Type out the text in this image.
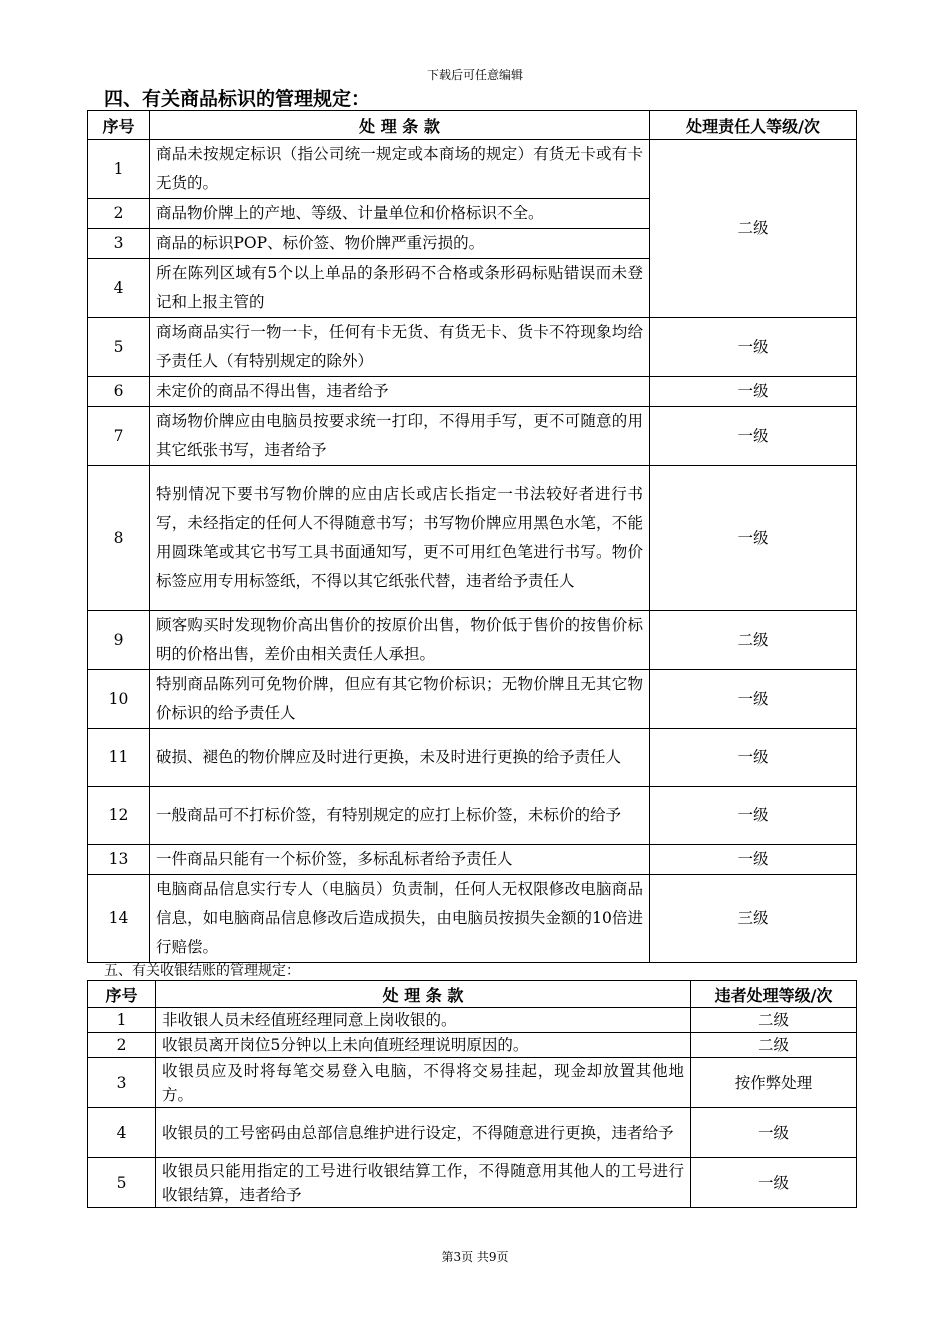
下载后可任意编辑
四、有关商品标识的管理规定：
序号	处 理 条 款	处理责任人等级/次
1	商品未按规定标识（指公司统一规定或本商场的规定）有货无卡或有卡无货的。	二级
2	商品物价牌上的产地、等级、计量单位和价格标识不全。	
3	商品的标识POP、标价签、物价牌严重污损的。	
4	所在陈列区域有5个以上单品的条形码不合格或条形码标贴错误而未登记和上报主管的	
5	商场商品实行一物一卡，任何有卡无货、有货无卡、货卡不符现象均给予责任人（有特别规定的除外）	一级
6	未定价的商品不得出售，违者给予	一级
7	商场物价牌应由电脑员按要求统一打印，不得用手写，更不可随意的用其它纸张书写，违者给予	一级
8	特别情况下要书写物价牌的应由店长或店长指定一书法较好者进行书写，未经指定的任何人不得随意书写；书写物价牌应用黑色水笔，不能用圆珠笔或其它书写工具书面通知写，更不可用红色笔进行书写。物价标签应用专用标签纸，不得以其它纸张代替，违者给予责任人	一级
9	顾客购买时发现物价高出售价的按原价出售，物价低于售价的按售价标明的价格出售，差价由相关责任人承担。	二级
10	特别商品陈列可免物价牌，但应有其它物价标识；无物价牌且无其它物价标识的给予责任人	一级
11	破损、褪色的物价牌应及时进行更换，未及时进行更换的给予责任人	一级
12	一般商品可不打标价签，有特别规定的应打上标价签，未标价的给予	一级
13	一件商品只能有一个标价签，多标乱标者给予责任人	一级
14	电脑商品信息实行专人（电脑员）负责制，任何人无权限修改电脑商品信息，如电脑商品信息修改后造成损失，由电脑员按损失金额的10倍进行赔偿。	三级
五、有关收银结账的管理规定：
序号	处 理 条 款	违者处理等级/次
1	非收银人员未经值班经理同意上岗收银的。	二级
2	收银员离开岗位5分钟以上未向值班经理说明原因的。	二级
3	收银员应及时将每笔交易登入电脑，不得将交易挂起，现金却放置其他地方。	按作弊处理
4	收银员的工号密码由总部信息维护进行设定，不得随意进行更换，违者给予	一级
5	收银员只能用指定的工号进行收银结算工作，不得随意用其他人的工号进行收银结算，违者给予	一级
第3页 共9页
